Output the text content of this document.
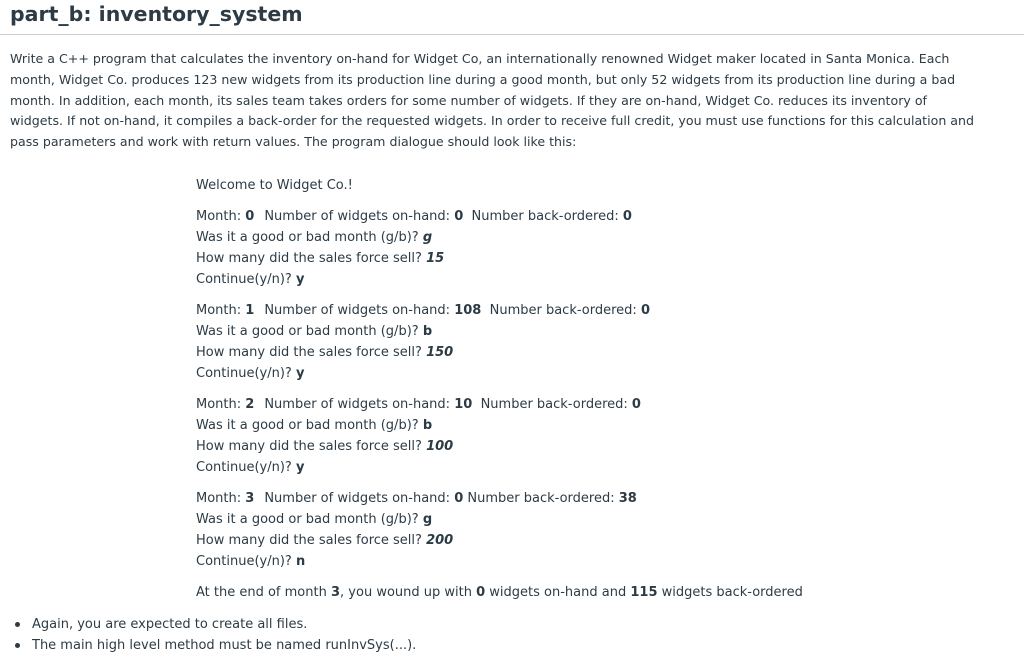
part_b: inventory_system

Write a C++ program that calculates the inventory on-hand for Widget Co, an internationally renowned Widget maker located in Santa Monica. Each
month, Widget Co. produces 123 new widgets from its production line during a good month, but only 52 widgets from its production line during a bad
month. In addition, each month, its sales team takes orders for some number of widgets. If they are on-hand, Widget Co. reduces its inventory of
widgets. If not on-hand, it compiles a back-order for the requested widgets. In order to receive full credit, you must use functions for this calculation and
pass parameters and work with return values. The program dialogue should look like this:

Welcome to Widget Co.!
Month: 0 Number of widgets on-hand: 0 Number back-ordered: 0
Was it a good or bad month (g/b)? g
How many did the sales force sell? 15
Continue(y/n)? y
Month: 1 Number of widgets on-hand: 108 Number back-ordered: 0
Was it a good or bad month (g/b)? b
How many did the sales force sell? 150
Continue(y/n)? y
Month: 2 Number of widgets on-hand: 10 Number back-ordered: 0
Was it a good or bad month (g/b)? b
How many did the sales force sell? 100
Continue(y/n)? y
Month: 3 Number of widgets on-hand: 0 Number back-ordered: 38
Was it a good or bad month (g/b)? g
How many did the sales force sell? 200
Continue(y/n)? n
At the end of month 3, you wound up with 0 widgets on-hand and 115 widgets back-ordered
Again, you are expected to create all files.
The main high level method must be named runInvSys(...).
